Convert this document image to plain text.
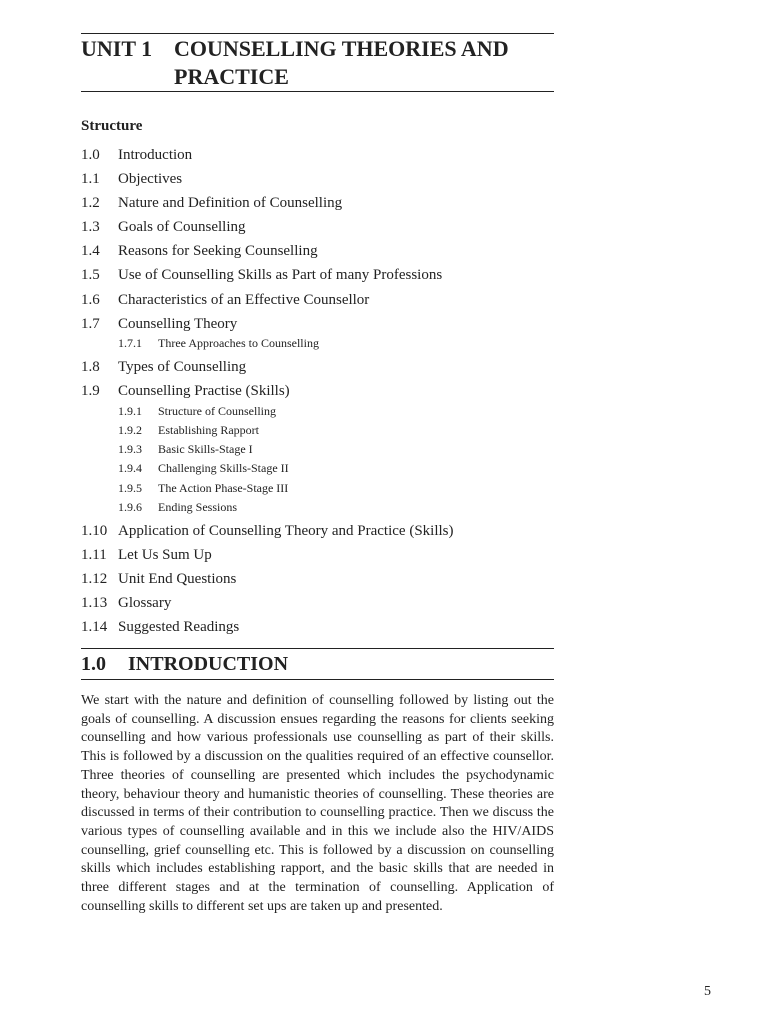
UNIT 1 COUNSELLING THEORIES AND
PRACTICE
Structure
1.0 Introduction
1.1 Objectives
1.2 Nature and Definition of Counselling
1.3 Goals of Counselling
1.4 Reasons for Seeking Counselling
1.5 Use of Counselling Skills as Part of many Professions
1.6 Characteristics of an Effective Counsellor
1.7 Counselling Theory
1.7.1 Three Approaches to Counselling
1.8 Types of Counselling
1.9 Counselling Practise (Skills)
1.9.1 Structure of Counselling
1.9.2 Establishing Rapport
1.9.3 Basic Skills-Stage I
1.9.4 Challenging Skills-Stage II
1.9.5 The Action Phase-Stage III
1.9.6 Ending Sessions
1.10 Application of Counselling Theory and Practice (Skills)
1.11 Let Us Sum Up
1.12 Unit End Questions
1.13 Glossary
1.14 Suggested Readings
1.0 INTRODUCTION

We start with the nature and definition of counselling followed by listing out the goals of counselling. A discussion ensues regarding the reasons for clients seeking counselling and how various professionals use counselling as part of their skills. This is followed by a discussion on the qualities required of an effective counsellor. Three theories of counselling are presented which includes the psychodynamic theory, behaviour theory and humanistic theories of counselling. These theories are discussed in terms of their contribution to counselling practice. Then we discuss the various types of counselling available and in this we include also the HIV/AIDS counselling, grief counselling etc. This is followed by a discussion on counselling skills which includes establishing rapport, and the basic skills that are needed in three different stages and at the termination of counselling. Application of counselling skills to different set ups are taken up and presented.

5
